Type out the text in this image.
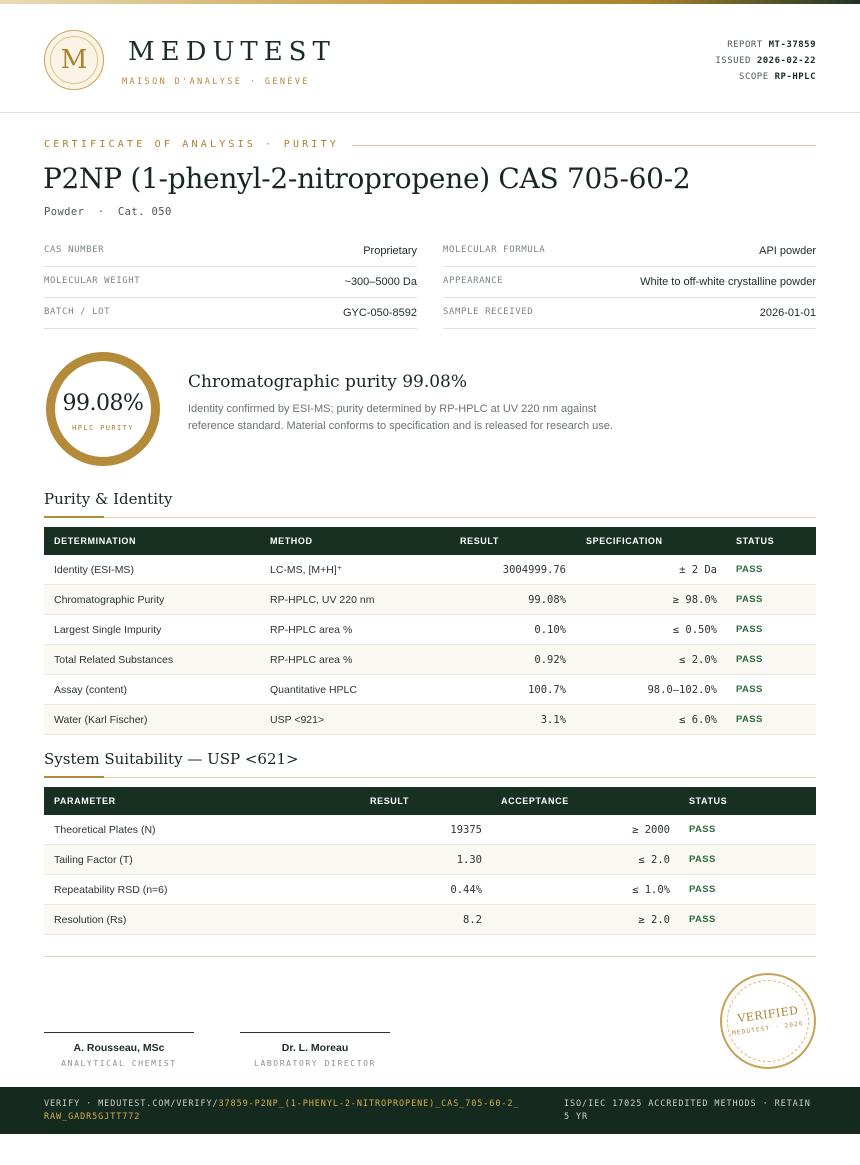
M	MEDUTEST
MAISON D'ANALYSE · GENÈVE
REPORT MT-37859
ISSUED 2026-02-22
SCOPE RP-HPLC
CERTIFICATE OF ANALYSIS · PURITY
P2NP (1-phenyl-2-nitropropene) CAS 705-60-2
Powder  ·  Cat. 050
CAS NUMBER	Proprietary
MOLECULAR WEIGHT	~300–5000 Da
BATCH / LOT	GYC-050-8592
MOLECULAR FORMULA	API powder
APPEARANCE	White to off-white crystalline powder
SAMPLE RECEIVED	2026-01-01
99.08%
HPLC PURITY
Chromatographic purity 99.08%
Identity confirmed by ESI-MS; purity determined by RP-HPLC at UV 220 nm against reference standard. Material conforms to specification and is released for research use.
Purity & Identity
DETERMINATION	METHOD	RESULT	SPECIFICATION	STATUS
Identity (ESI-MS)	LC-MS, [M+H]⁺	3004999.76	± 2 Da PASS
Chromatographic Purity	RP-HPLC, UV 220 nm	99.08%	≥ 98.0% PASS
Largest Single Impurity	RP-HPLC area %	0.10%	≤ 0.50% PASS
Total Related Substances	RP-HPLC area %	0.92%	≤ 2.0% PASS
Assay (content)	Quantitative HPLC	100.7%	98.0–102.0% PASS
Water (Karl Fischer)	USP <921>	3.1%	≤ 6.0% PASS
System Suitability — USP <621>
PARAMETER	RESULT	ACCEPTANCE	STATUS
Theoretical Plates (N)	19375	≥ 2000 PASS
Tailing Factor (T)	1.30	≤ 2.0 PASS
Repeatability RSD (n=6)	0.44%	≤ 1.0% PASS
Resolution (Rs)	8.2	≥ 2.0 PASS
A. Rousseau, MSc
ANALYTICAL CHEMIST
Dr. L. Moreau
LABORATORY DIRECTOR
VERIFIED
MEDUTEST · 2026
VERIFY · MEDUTEST.COM/VERIFY/37859-P2NP_(1-PHENYL-2-NITROPROPENE)_CAS_705-60-2_RAW_GADR5GJTT772
ISO/IEC 17025 ACCREDITED METHODS · RETAIN 5 YR
